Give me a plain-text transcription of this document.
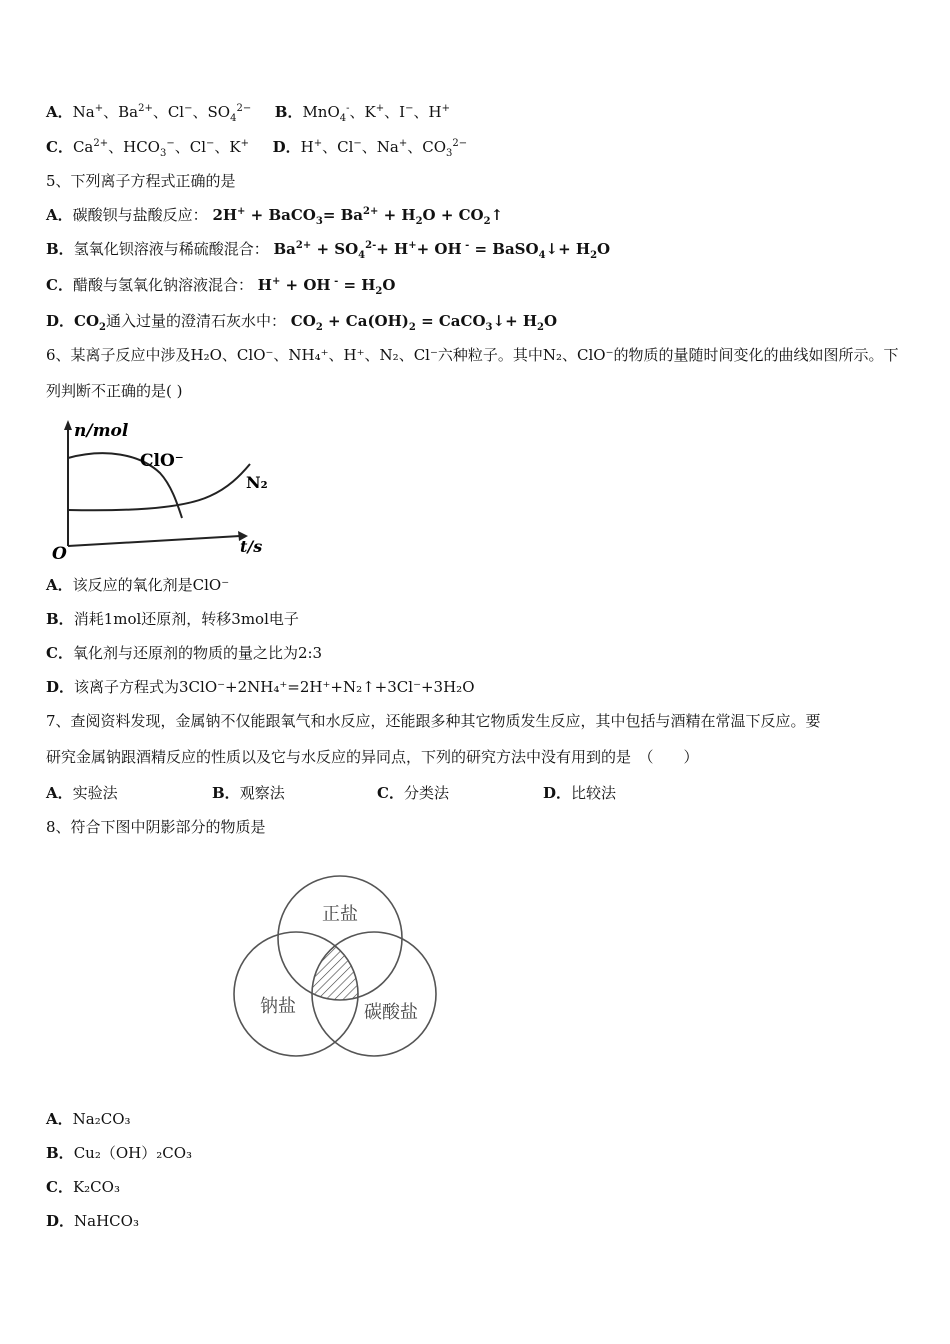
A．Na+、$Ba^{2+}$、Cl−、$SO_4^{2-}$ B．MnO$_4$-、K+、I−、H+
C．$Ca^{2+}$、$HCO_3^-$、Cl−、K+ D．H+、Cl−、Na+、$CO_3^{2-}$
5、下列离子方程式正确的是
A．碳酸钡与盐酸反应： 2H+ + BaCO$_3$= $Ba^{2+} + H_2O$ + $CO_2↑$
B．氢氧化钡溶液与稀硫酸混合： $Ba^{2+} + SO_4^{2-}+ H^++$ OH - = BaSO$_4$↓+ $H_2O$
C．醋酸与氢氧化钠溶液混合： H+ + OH $^- = H_2O$
D．$CO_2$通入过量的澄清石灰水中： $CO_2 + Ca(OH)_2$ = CaCO$_3$↓+ $H_2O$
6、某离子反应中涉及H₂O、ClO⁻、NH₄⁺、H⁺、N₂、Cl⁻六种粒子。其中N₂、ClO⁻的物质的量随时间变化的曲线如图所示。下
列判断不正确的是( )
n/mol
ClO⁻
N₂
O	t/s
A．该反应的氧化剂是ClO⁻
B．消耗1mol还原剂，转移3mol电子
C．氧化剂与还原剂的物质的量之比为2:3
D．该离子方程式为3ClO⁻+2NH₄⁺=2H⁺+N₂↑+3Cl⁻+3H₂O
7、查阅资料发现，金属钠不仅能跟氧气和水反应，还能跟多种其它物质发生反应，其中包括与酒精在常温下反应。要
研究金属钠跟酒精反应的性质以及它与水反应的异同点，下列的研究方法中没有用到的是　（　　）
A．实验法	B．观察法	C．分类法	D．比较法
8、符合下图中阴影部分的物质是
正盐
钠盐	碳酸盐
A．Na₂CO₃
B．Cu₂（OH）₂CO₃
C．K₂CO₃
D．NaHCO₃
